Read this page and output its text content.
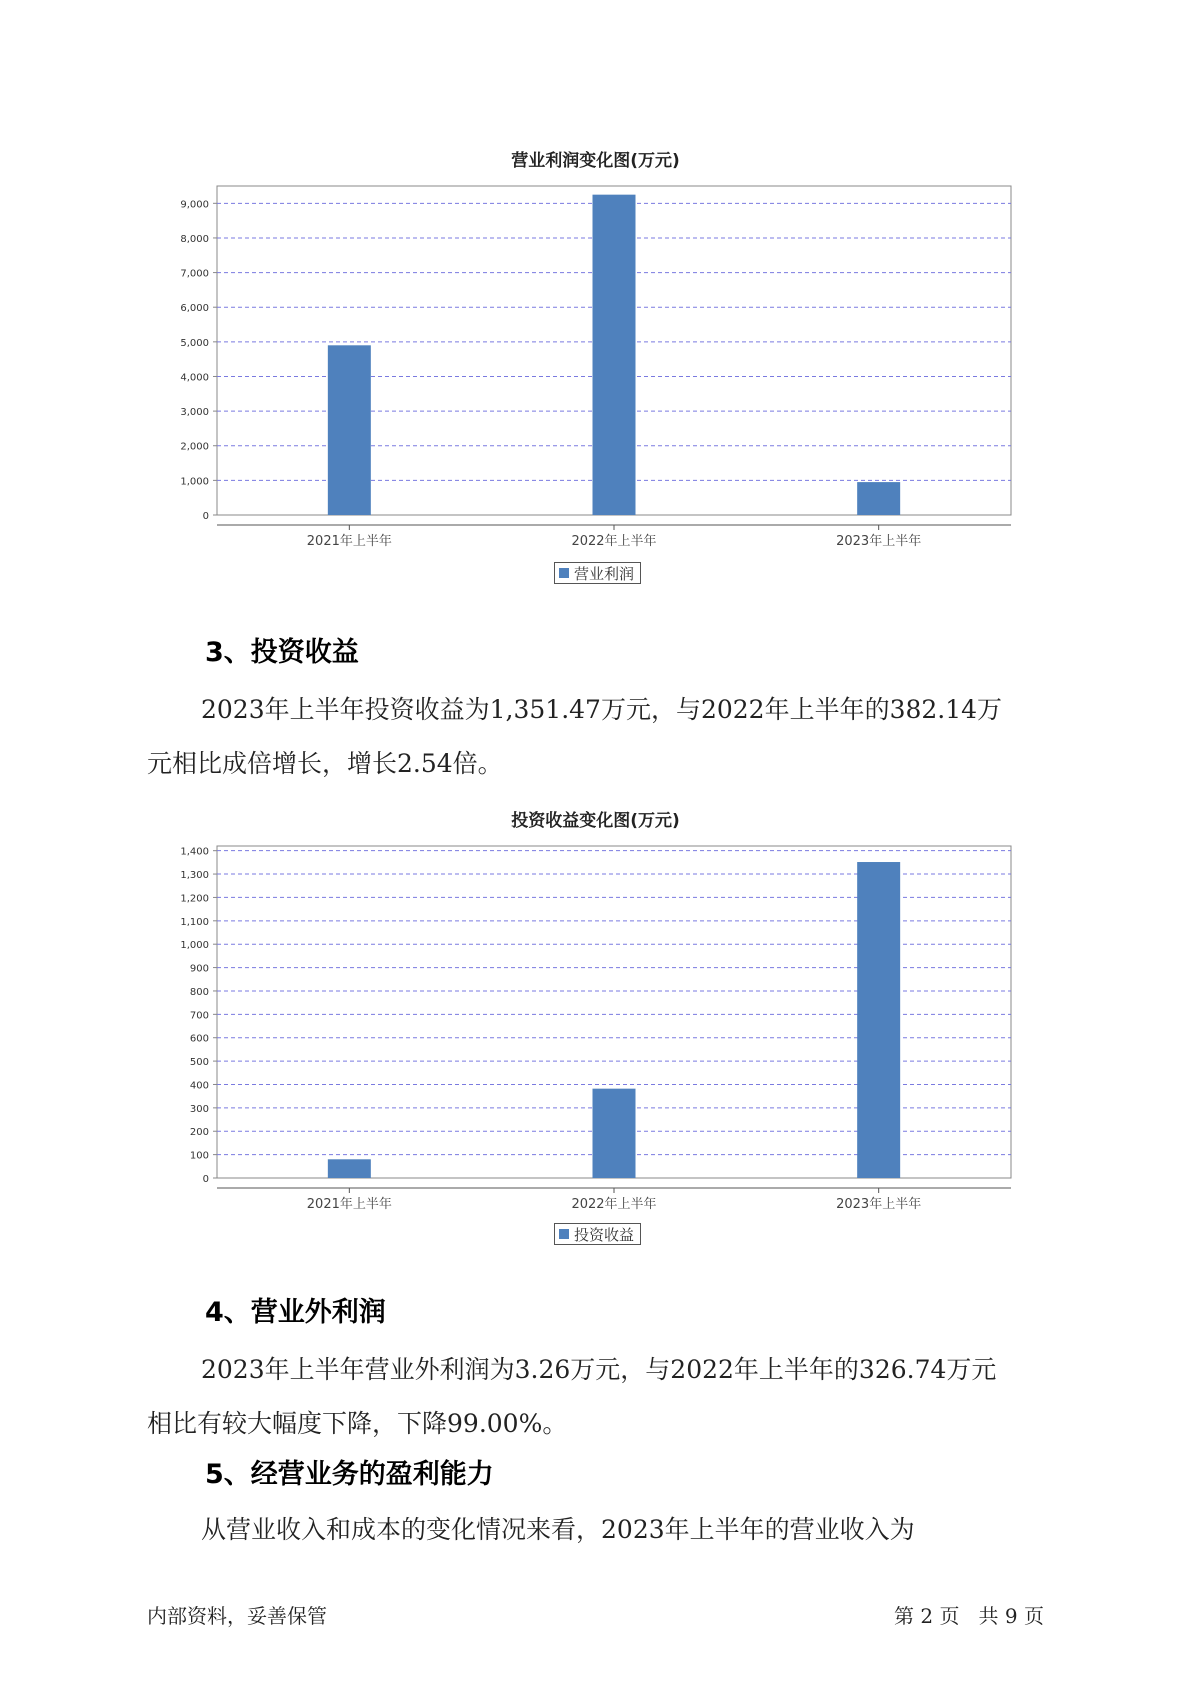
营业利润变化图(万元)
0
1,000
2,000
3,000
4,000
5,000
6,000
7,000
8,000
9,000
2021年上半年	2022年上半年	2023年上半年
营业利润
3、投资收益
2023年上半年投资收益为1,351.47万元，与2022年上半年的382.14万
元相比成倍增长，增长2.54倍。
投资收益变化图(万元)
0
100
200
300
400
500
600
700
800
900
1,000
1,100
1,200
1,300
1,400
2021年上半年	2022年上半年	2023年上半年
投资收益
4、营业外利润
2023年上半年营业外利润为3.26万元，与2022年上半年的326.74万元
相比有较大幅度下降，下降99.00%。
5、经营业务的盈利能力
从营业收入和成本的变化情况来看，2023年上半年的营业收入为
内部资料，妥善保管	第 2 页   共 9 页
